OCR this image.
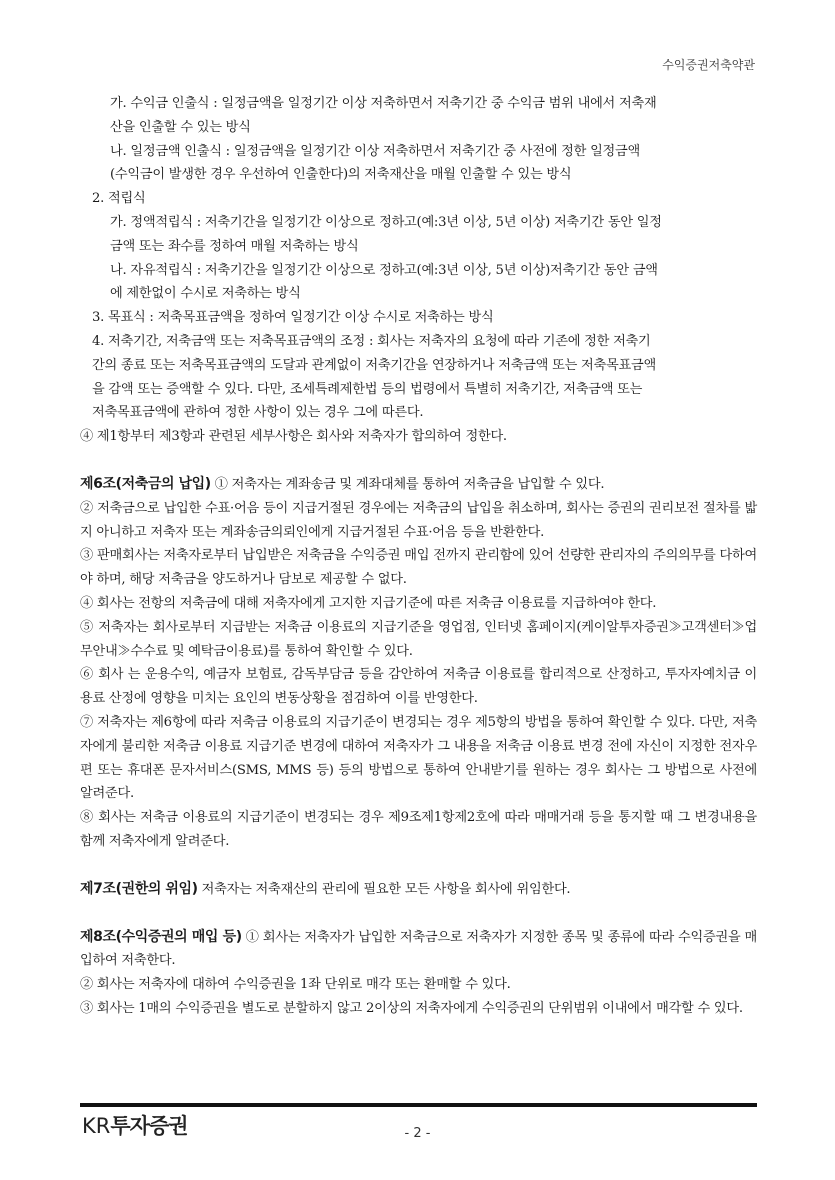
수익증권저축약관

가. 수익금 인출식 : 일정금액을 일정기간 이상 저축하면서 저축기간 중 수익금 범위 내에서 저축재

산을 인출할 수 있는 방식

나. 일정금액 인출식 : 일정금액을 일정기간 이상 저축하면서 저축기간 중 사전에 정한 일정금액

(수익금이 발생한 경우 우선하여 인출한다)의 저축재산을 매월 인출할 수 있는 방식

2. 적립식

가. 정액적립식 : 저축기간을 일정기간 이상으로 정하고(예:3년 이상, 5년 이상) 저축기간 동안 일정

금액 또는 좌수를 정하여 매월 저축하는 방식

나. 자유적립식 : 저축기간을 일정기간 이상으로 정하고(예:3년 이상, 5년 이상)저축기간 동안 금액

에 제한없이 수시로 저축하는 방식

3. 목표식 : 저축목표금액을 정하여 일정기간 이상 수시로 저축하는 방식

4. 저축기간, 저축금액 또는 저축목표금액의 조정 : 회사는 저축자의 요청에 따라 기존에 정한 저축기

간의 종료 또는 저축목표금액의 도달과 관계없이 저축기간을 연장하거나 저축금액 또는 저축목표금액

을 감액 또는 증액할 수 있다. 다만, 조세특례제한법 등의 법령에서 특별히 저축기간, 저축금액 또는

저축목표금액에 관하여 정한 사항이 있는 경우 그에 따른다.

④ 제1항부터 제3항과 관련된 세부사항은 회사와 저축자가 합의하여 정한다.

제6조(저축금의 납입) ① 저축자는 계좌송금 및 계좌대체를 통하여 저축금을 납입할 수 있다.

② 저축금으로 납입한 수표·어음 등이 지급거절된 경우에는 저축금의 납입을 취소하며, 회사는 증권의 권리보전 절차를 밟지 아니하고 저축자 또는 계좌송금의뢰인에게 지급거절된 수표·어음 등을 반환한다.

③ 판매회사는 저축자로부터 납입받은 저축금을 수익증권 매입 전까지 관리함에 있어 선량한 관리자의 주의의무를 다하여야 하며, 해당 저축금을 양도하거나 담보로 제공할 수 없다.

④ 회사는 전항의 저축금에 대해 저축자에게 고지한 지급기준에 따른 저축금 이용료를 지급하여야 한다.

⑤ 저축자는 회사로부터 지급받는 저축금 이용료의 지급기준을 영업점, 인터넷 홈페이지(케이알투자증권≫고객센터≫업무안내≫수수료 및 예탁금이용료)를 통하여 확인할 수 있다.

⑥ 회사 는 운용수익, 예금자 보험료, 감독부담금 등을 감안하여 저축금 이용료를 합리적으로 산정하고, 투자자예치금 이용료 산정에 영향을 미치는 요인의 변동상황을 점검하여 이를 반영한다.

⑦ 저축자는 제6항에 따라 저축금 이용료의 지급기준이 변경되는 경우 제5항의 방법을 통하여 확인할 수 있다. 다만, 저축자에게 불리한 저축금 이용료 지급기준 변경에 대하여 저축자가 그 내용을 저축금 이용료 변경 전에 자신이 지정한 전자우편 또는 휴대폰 문자서비스(SMS, MMS 등) 등의 방법으로 통하여 안내받기를 원하는 경우 회사는 그 방법으로 사전에 알려준다.

⑧ 회사는 저축금 이용료의 지급기준이 변경되는 경우 제9조제1항제2호에 따라 매매거래 등을 통지할 때 그 변경내용을 함께 저축자에게 알려준다.

제7조(권한의 위임) 저축자는 저축재산의 관리에 필요한 모든 사항을 회사에 위임한다.

제8조(수익증권의 매입 등) ① 회사는 저축자가 납입한 저축금으로 저축자가 지정한 종목 및 종류에 따라 수익증권을 매입하여 저축한다.

② 회사는 저축자에 대하여 수익증권을 1좌 단위로 매각 또는 환매할 수 있다.

③ 회사는 1매의 수익증권을 별도로 분할하지 않고 2이상의 저축자에게 수익증권의 단위범위 이내에서 매각할 수 있다.

KR투자증권	- 2 -
